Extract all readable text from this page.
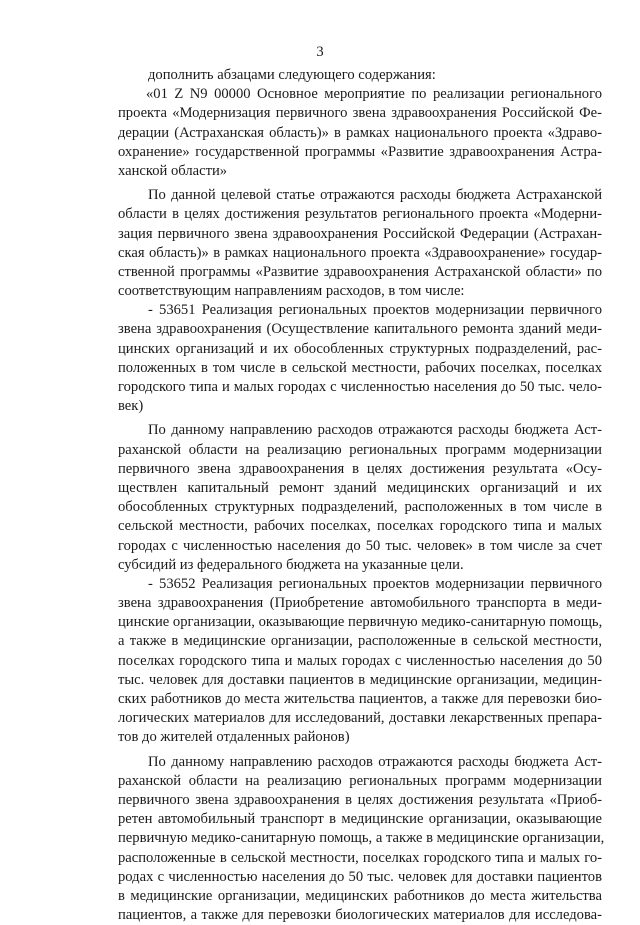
3
дополнить абзацами следующего содержания:
«01 Z N9 00000 Основное мероприятие по реализации регионального
проекта «Модернизация первичного звена здравоохранения Российской Фе-
дерации (Астраханская область)» в рамках национального проекта «Здраво-
охранение» государственной программы «Развитие здравоохранения Астра-
ханской области»
По данной целевой статье отражаются расходы бюджета Астраханской
области в целях достижения результатов регионального проекта «Модерни-
зация первичного звена здравоохранения Российской Федерации (Астрахан-
ская область)» в рамках национального проекта «Здравоохранение» государ-
ственной программы «Развитие здравоохранения Астраханской области» по
соответствующим направлениям расходов, в том числе:
- 53651 Реализация региональных проектов модернизации первичного
звена здравоохранения (Осуществление капитального ремонта зданий меди-
цинских организаций и их обособленных структурных подразделений, рас-
положенных в том числе в сельской местности, рабочих поселках, поселках
городского типа и малых городах с численностью населения до 50 тыс. чело-
век)
По данному направлению расходов отражаются расходы бюджета Аст-
раханской области на реализацию региональных программ модернизации
первичного звена здравоохранения в целях достижения результата «Осу-
ществлен капитальный ремонт зданий медицинских организаций и их
обособленных структурных подразделений, расположенных в том числе в
сельской местности, рабочих поселках, поселках городского типа и малых
городах с численностью населения до 50 тыс. человек» в том числе за счет
субсидий из федерального бюджета на указанные цели.
- 53652 Реализация региональных проектов модернизации первичного
звена здравоохранения (Приобретение автомобильного транспорта в меди-
цинские организации, оказывающие первичную медико-санитарную помощь,
а также в медицинские организации, расположенные в сельской местности,
поселках городского типа и малых городах с численностью населения до 50
тыс. человек для доставки пациентов в медицинские организации, медицин-
ских работников до места жительства пациентов, а также для перевозки био-
логических материалов для исследований, доставки лекарственных препара-
тов до жителей отдаленных районов)
По данному направлению расходов отражаются расходы бюджета Аст-
раханской области на реализацию региональных программ модернизации
первичного звена здравоохранения в целях достижения результата «Приоб-
ретен автомобильный транспорт в медицинские организации, оказывающие
первичную медико-санитарную помощь, а также в медицинские организации,
расположенные в сельской местности, поселках городского типа и малых го-
родах с численностью населения до 50 тыс. человек для доставки пациентов
в медицинские организации, медицинских работников до места жительства
пациентов, а также для перевозки биологических материалов для исследова-
